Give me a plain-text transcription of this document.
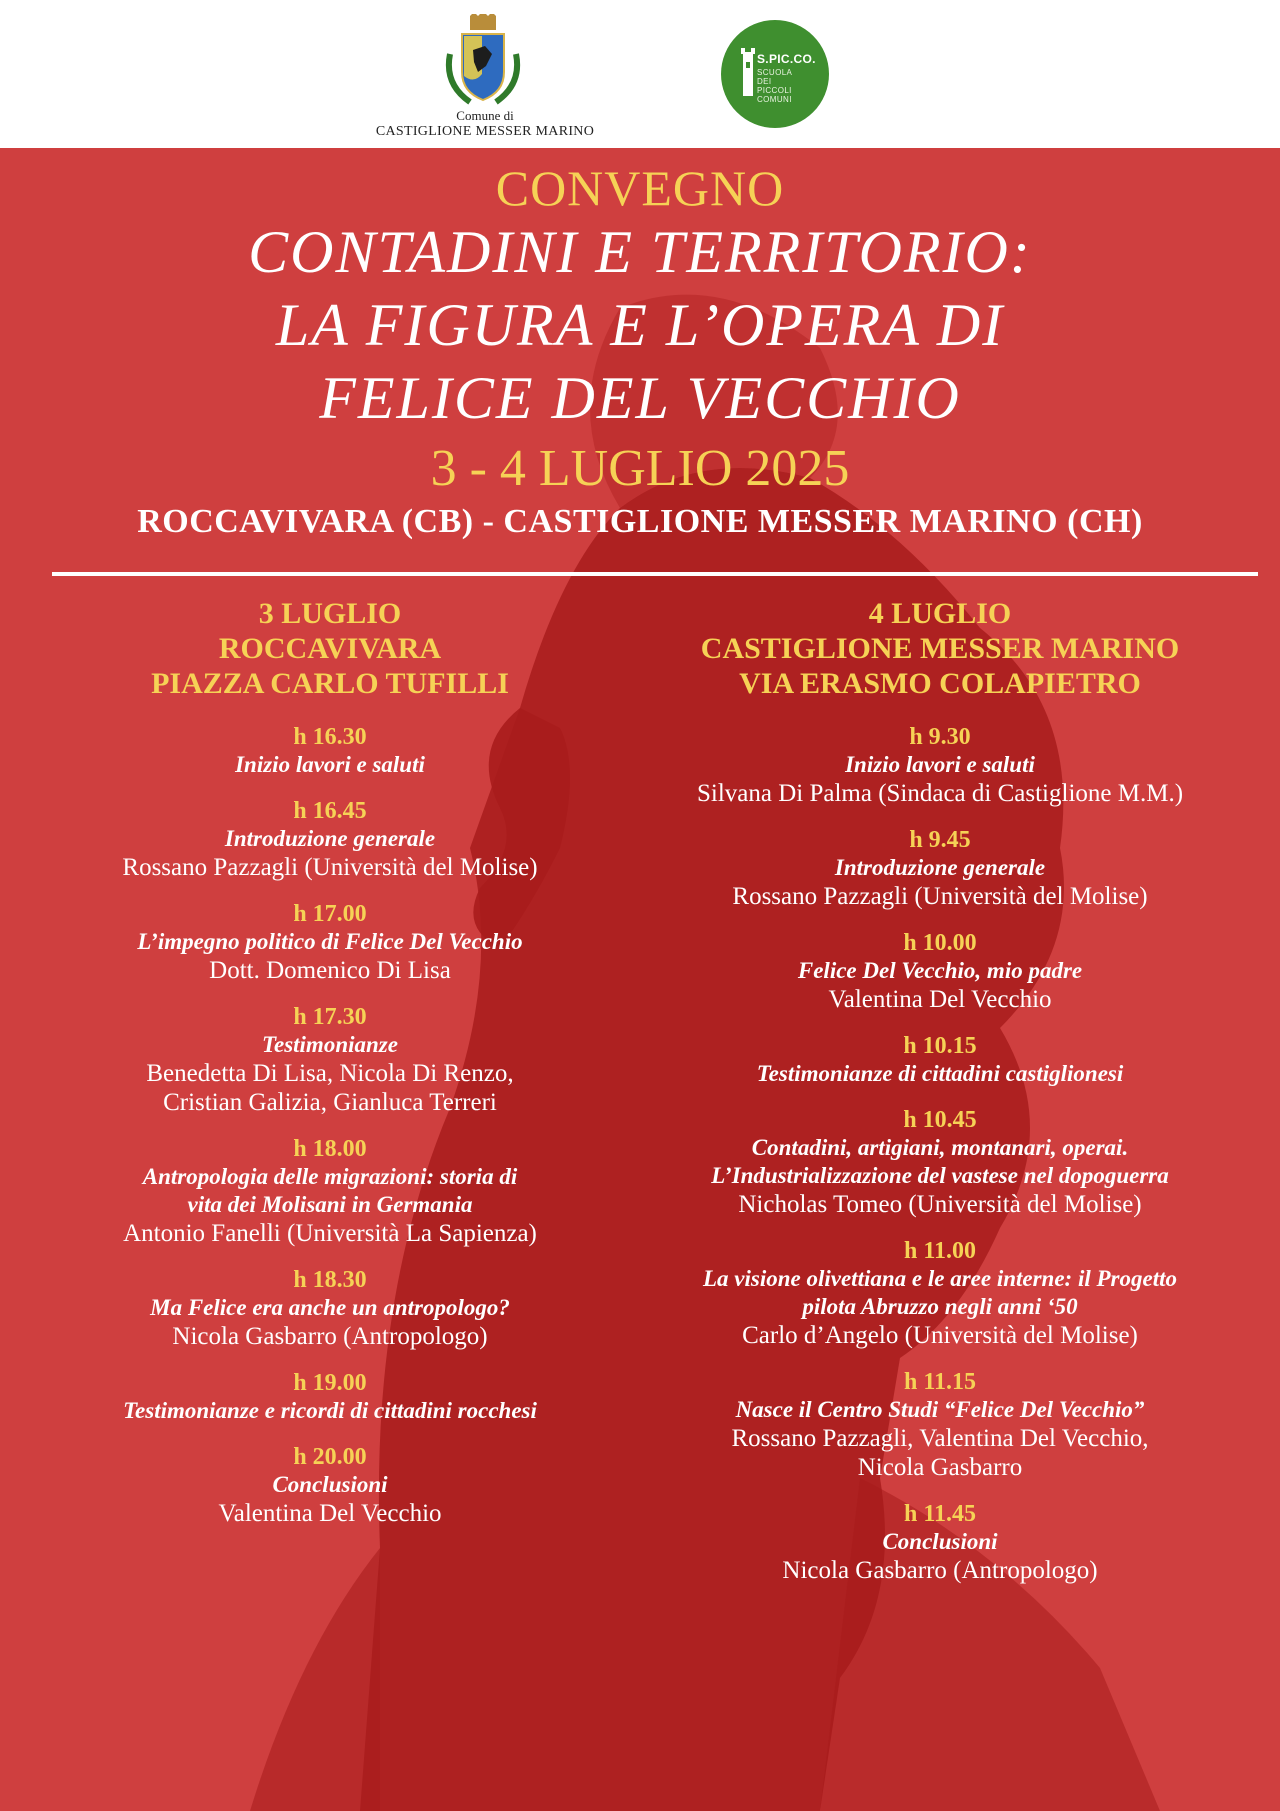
Comune di
CASTIGLIONE MESSER MARINO
S.PIC.CO.
SCUOLA
DEI
PICCOLI
COMUNI
CONVEGNO
CONTADINI E TERRITORIO:
LA FIGURA E L’OPERA DI
FELICE DEL VECCHIO
3 - 4 LUGLIO 2025
ROCCAVIVARA (CB) - CASTIGLIONE MESSER MARINO (CH)
3 LUGLIO
ROCCAVIVARA
PIAZZA CARLO TUFILLI
h 16.30
Inizio lavori e saluti
h 16.45
Introduzione generale
Rossano Pazzagli (Università del Molise)
h 17.00
L’impegno politico di Felice Del Vecchio
Dott. Domenico Di Lisa
h 17.30
Testimonianze
Benedetta Di Lisa, Nicola Di Renzo,
Cristian Galizia, Gianluca Terreri
h 18.00
Antropologia delle migrazioni: storia di
vita dei Molisani in Germania
Antonio Fanelli (Università La Sapienza)
h 18.30
Ma Felice era anche un antropologo?
Nicola Gasbarro (Antropologo)
h 19.00
Testimonianze e ricordi di cittadini rocchesi
h 20.00
Conclusioni
Valentina Del Vecchio
4 LUGLIO
CASTIGLIONE MESSER MARINO
VIA ERASMO COLAPIETRO
h 9.30
Inizio lavori e saluti
Silvana Di Palma (Sindaca di Castiglione M.M.)
h 9.45
Introduzione generale
Rossano Pazzagli (Università del Molise)
h 10.00
Felice Del Vecchio, mio padre
Valentina Del Vecchio
h 10.15
Testimonianze di cittadini castiglionesi
h 10.45
Contadini, artigiani, montanari, operai.
L’Industrializzazione del vastese nel dopoguerra
Nicholas Tomeo (Università del Molise)
h 11.00
La visione olivettiana e le aree interne: il Progetto
pilota Abruzzo negli anni ‘50
Carlo d’Angelo (Università del Molise)
h 11.15
Nasce il Centro Studi “Felice Del Vecchio”
Rossano Pazzagli, Valentina Del Vecchio,
Nicola Gasbarro
h 11.45
Conclusioni
Nicola Gasbarro (Antropologo)
